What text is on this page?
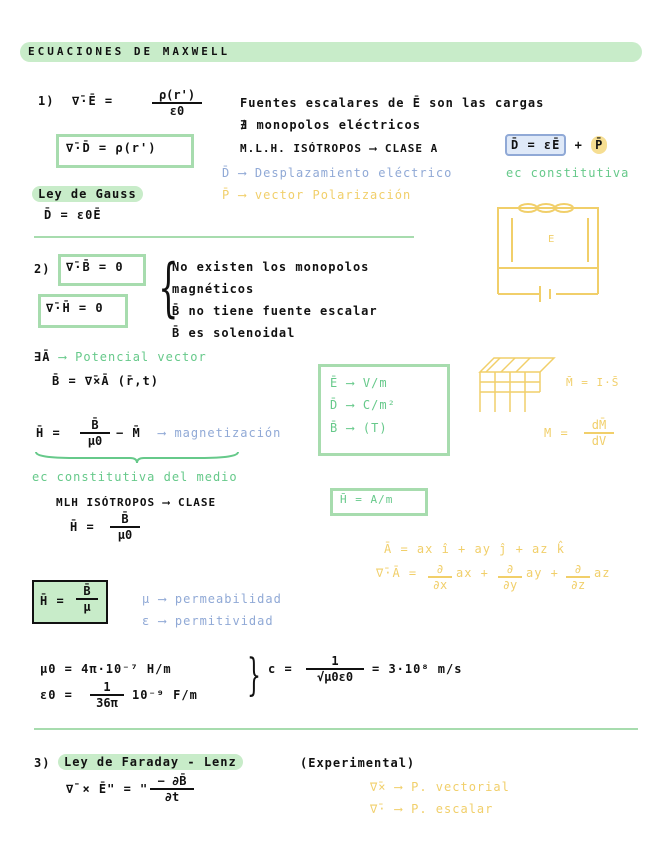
ECUACIONES DE MAXWELL
1) ∇̄·Ē =	$\frac{\rho(r')}{\varepsilon 0}$
∇̄·D̄ = ρ(r')
Fuentes escalares de Ē son las cargas
∄ monopolos eléctricos
M.L.H. ISÓTROPOS ⟶ CLASE A	D̄ = εĒ + P̄
D̄ ⟶ Desplazamiento eléctrico	ec constitutiva
P̄ ⟶ vector Polarización
Ley de Gauss
D̄ = ε0Ē
E
2) ∇̄·B̄ = 0
∇̄·H̄ = 0 {
No existen los monopolos
magnéticos
B̄ no tiene fuente escalar
B̄ es solenoidal
∃Ā ⟶ Potencial vector
B̄ = ∇̄×Ā (r̄,t)	Ē ⟶ V/m
D̄ ⟶ C/m²
B̄ ⟶ (T)
M̄ = I·S̄
$M = \frac{dM̄}{dV}$
H̄ = $\frac{B̄}{\mu 0}$ − M̄ ⟶ magnetización
ec constitutiva del medio
MLH ISÓTROPOS ⟶ CLASE
H̄ = $\frac{B̄}{\mu 0}$
H̄ = A/m
Ā = ax î + ay ĵ + az k̂
∇̄·Ā =	∂
∂x
ax +	∂
∂y
ay +	∂
∂z
az
H̄ = $\frac{B̄}{\mu}$	μ ⟶ permeabilidad
ε ⟶ permitividad
μ0 = 4π·10⁻⁷ H/m
$\varepsilon 0 = \frac{1}{36\pi} 10^{-9}$ F/m } $c = \frac{1}{√\mu 0\varepsilon 0} = 3\cdot 10^8$ m/s
3)	Ley de Faraday - Lenz	(Experimental)
∇̄ × Ē" = " $\frac{- \partial B̄}{\partial t}$	∇̄× ⟶ P. vectorial
∇̄· ⟶ P. escalar
